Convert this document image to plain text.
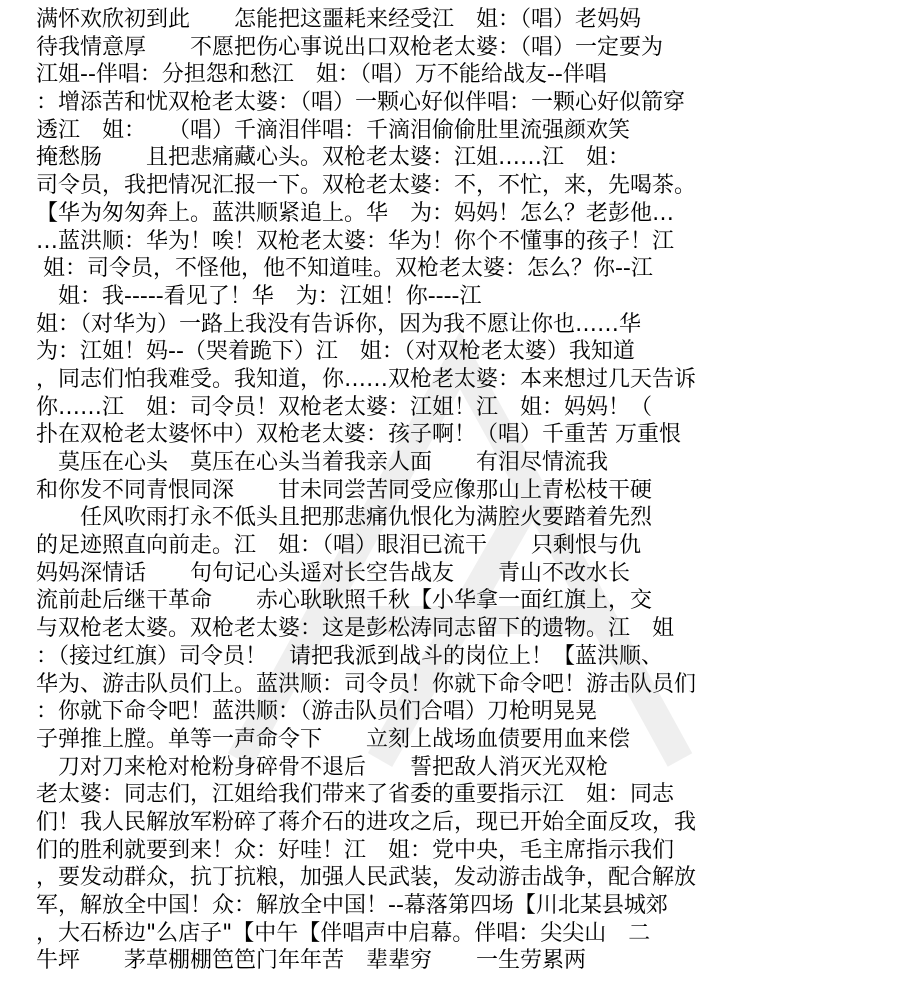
满怀欢欣初到此　　怎能把这噩耗来经受江　姐：（唱）老妈妈
待我情意厚　　不愿把伤心事说出口双枪老太婆：（唱）一定要为
江姐--伴唱：分担怨和愁江　姐：（唱）万不能给战友--伴唱
：增添苦和忧双枪老太婆：（唱）一颗心好似伴唱：一颗心好似箭穿
透江　姐：　　（唱）千滴泪伴唱：千滴泪偷偷肚里流强颜欢笑
掩愁肠　　且把悲痛藏心头。双枪老太婆：江姐……江　姐：
司令员，我把情况汇报一下。双枪老太婆：不，不忙，来，先喝茶。
【华为匆匆奔上。蓝洪顺紧追上。华　为：妈妈！怎么？老彭他…
…蓝洪顺：华为！唉！双枪老太婆：华为！你个不懂事的孩子！江
姐：司令员，不怪他，他不知道哇。双枪老太婆：怎么？你--江
　姐：我-----看见了！华　为：江姐！你----江
姐：（对华为）一路上我没有告诉你，因为我不愿让你也……华
为：江姐！妈--（哭着跪下）江　姐：（对双枪老太婆）我知道
，同志们怕我难受。我知道，你……双枪老太婆：本来想过几天告诉
你……江　姐：司令员！双枪老太婆：江姐！江　姐：妈妈！（
扑在双枪老太婆怀中）双枪老太婆：孩子啊！（唱）千重苦 万重恨
　莫压在心头　莫压在心头当着我亲人面　　有泪尽情流我
和你发不同青恨同深　　甘未同尝苦同受应像那山上青松枝干硬
　　任风吹雨打永不低头且把那悲痛仇恨化为满腔火要踏着先烈
的足迹照直向前走。江　姐：（唱）眼泪已流干　　只剩恨与仇
妈妈深情话　　句句记心头遥对长空告战友　　青山不改水长
流前赴后继干革命　　赤心耿耿照千秋【小华拿一面红旗上，交
与双枪老太婆。双枪老太婆：这是彭松涛同志留下的遗物。江　姐
：（接过红旗）司令员！　请把我派到战斗的岗位上！【蓝洪顺、
华为、游击队员们上。蓝洪顺：司令员！你就下命令吧！游击队员们
：你就下命令吧！蓝洪顺：（游击队员们合唱）刀枪明晃晃
子弹推上膛。单等一声命令下　　立刻上战场血债要用血来偿
　刀对刀来枪对枪粉身碎骨不退后　　誓把敌人消灭光双枪
老太婆：同志们，江姐给我们带来了省委的重要指示江　姐：同志
们！我人民解放军粉碎了蒋介石的进攻之后，现已开始全面反攻，我
们的胜利就要到来！众：好哇！江　姐：党中央，毛主席指示我们
，要发动群众，抗丁抗粮，加强人民武装，发动游击战争，配合解放
军，解放全中国！众：解放全中国！--幕落第四场【川北某县城郊
，大石桥边"么店子"【中午【伴唱声中启幕。伴唱：尖尖山　二
牛坪　　茅草棚棚笆笆门年年苦　辈辈穷　　一生劳累两
